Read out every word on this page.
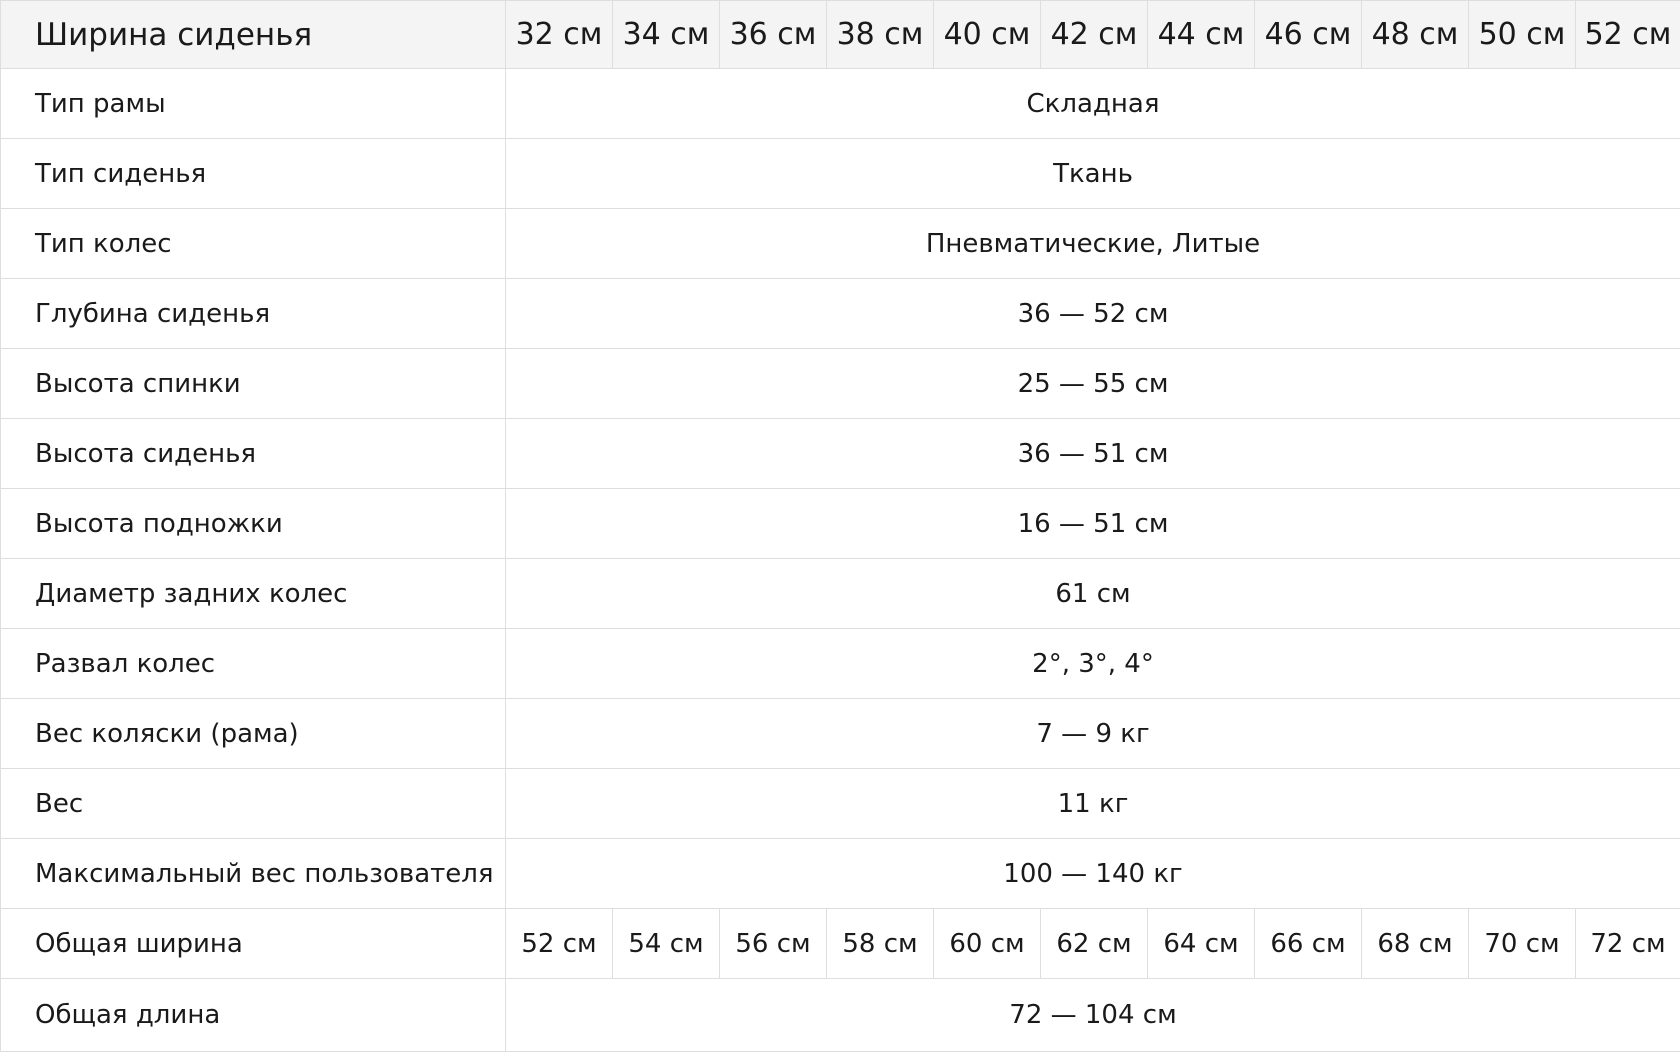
Ширина сиденья	32 см	34 см	36 см	38 см	40 см	42 см	44 см	46 см	48 см	50 см	52 см
Тип рамы	Складная										
Тип сиденья	Ткань										
Тип колес	Пневматические, Литые										
Глубина сиденья	36 — 52 см										
Высота спинки	25 — 55 см										
Высота сиденья	36 — 51 см										
Высота подножки	16 — 51 см										
Диаметр задних колес	61 см										
Развал колес	2°, 3°, 4°										
Вес коляски (рама)	7 — 9 кг										
Вес	11 кг										
Максимальный вес пользователя	100 — 140 кг										
Общая ширина	52 см	54 см	56 см	58 см	60 см	62 см	64 см	66 см	68 см	70 см	72 см
Общая длина	72 — 104 см										
